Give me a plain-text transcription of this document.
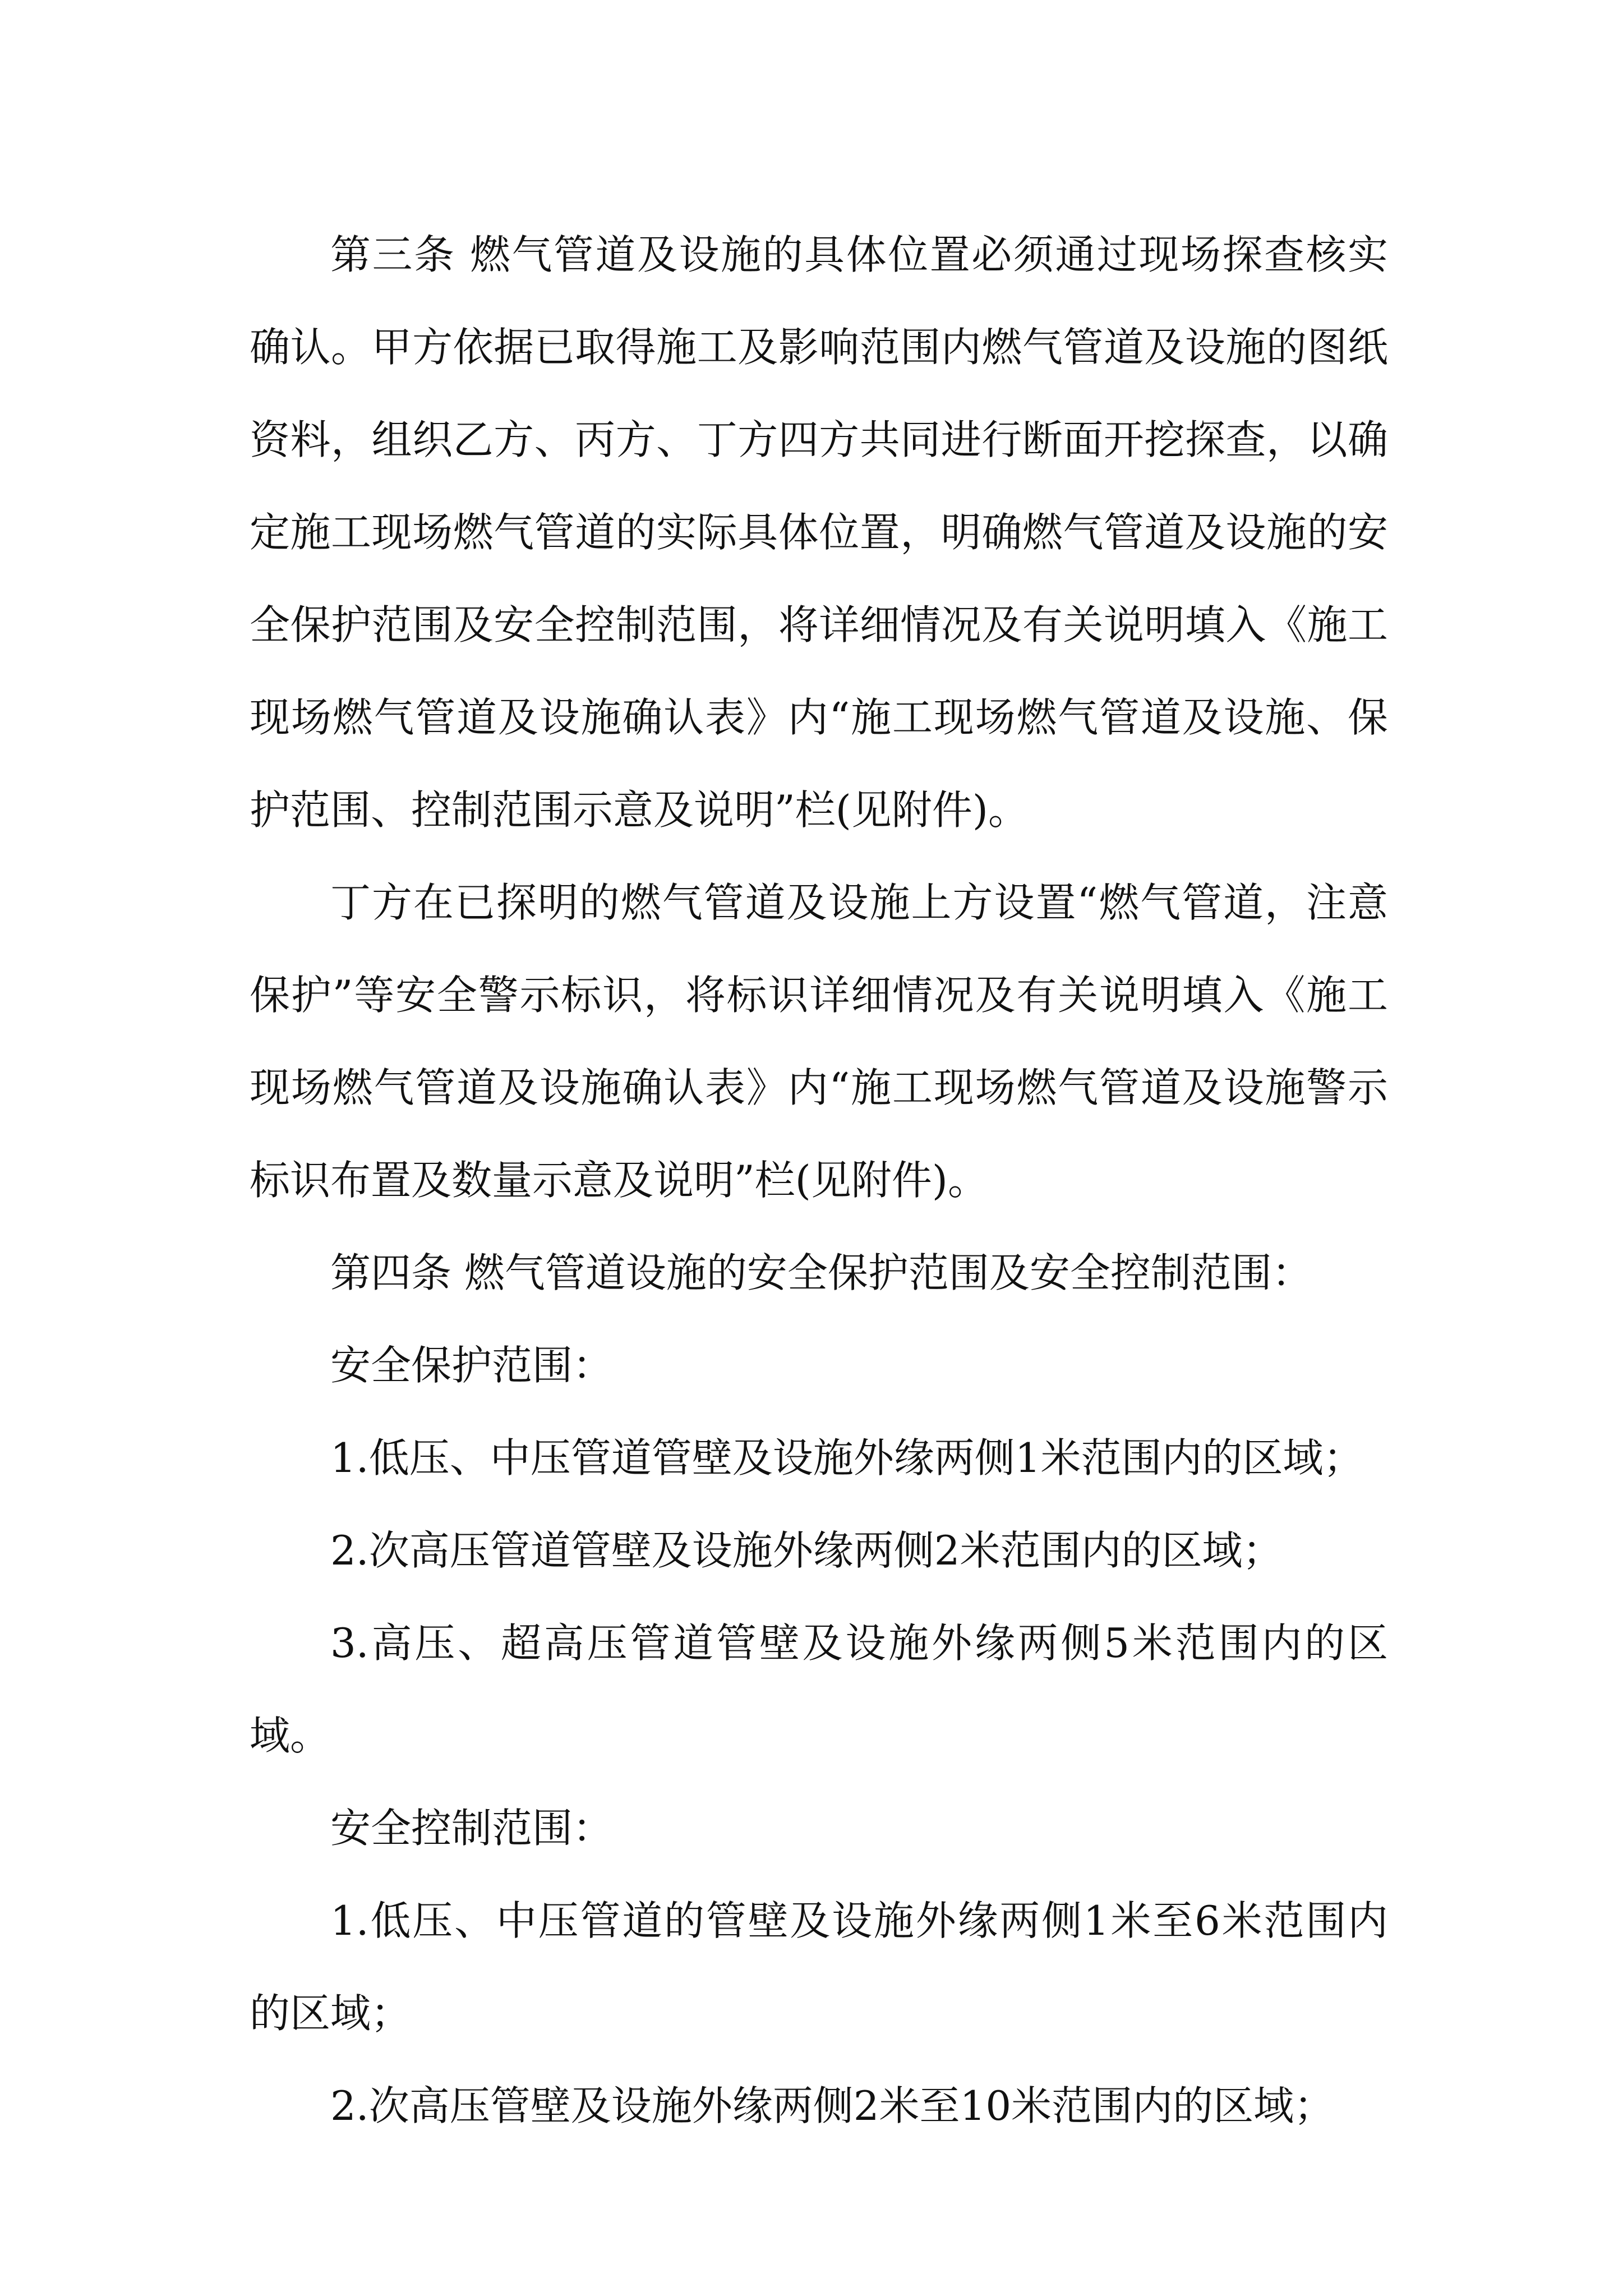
第三条 燃气管道及设施的具体位置必须通过现场探查核实确认。甲方依据已取得施工及影响范围内燃气管道及设施的图纸资料，组织乙方、丙方、丁方四方共同进行断面开挖探查，以确定施工现场燃气管道的实际具体位置，明确燃气管道及设施的安全保护范围及安全控制范围，将详细情况及有关说明填入《施工现场燃气管道及设施确认表》内“施工现场燃气管道及设施、保护范围、控制范围示意及说明”栏(见附件)。

丁方在已探明的燃气管道及设施上方设置“燃气管道，注意保护”等安全警示标识，将标识详细情况及有关说明填入《施工现场燃气管道及设施确认表》内“施工现场燃气管道及设施警示标识布置及数量示意及说明”栏(见附件)。

第四条 燃气管道设施的安全保护范围及安全控制范围：

安全保护范围：

1.低压、中压管道管壁及设施外缘两侧1米范围内的区域；

2.次高压管道管壁及设施外缘两侧2米范围内的区域；

3.高压、超高压管道管壁及设施外缘两侧5米范围内的区域。

安全控制范围：

1.低压、中压管道的管壁及设施外缘两侧1米至6米范围内的区域；

2.次高压管壁及设施外缘两侧2米至10米范围内的区域；
